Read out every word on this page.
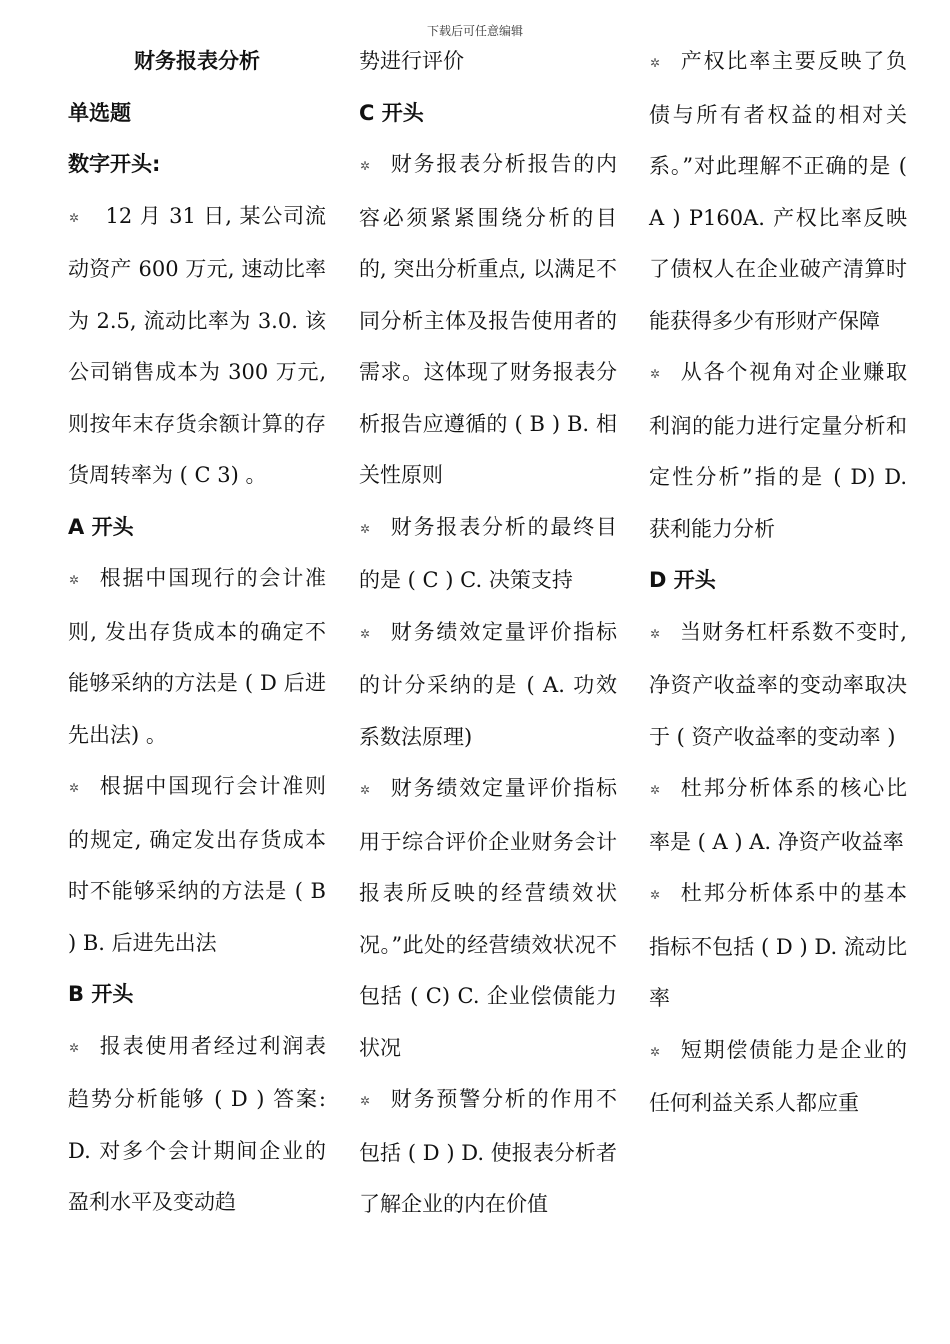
下载后可任意编辑

财务报表分析

单选题

数字开头:

✲ 12 月 31 日, 某公司流动资产 600 万元, 速动比率为 2.5, 流动比率为 3.0. 该公司销售成本为 300 万元, 则按年末存货余额计算的存货周转率为 ( C 3) 。

A 开头

✲ 根据中国现行的会计准则, 发出存货成本的确定不能够采纳的方法是 ( D 后进先出法) 。

✲ 根据中国现行会计准则的规定, 确定发出存货成本时不能够采纳的方法是 ( B ) B. 后进先出法

B 开头

✲ 报表使用者经过利润表趋势分析能够 ( D ) 答案: D. 对多个会计期间企业的盈利水平及变动趋

势进行评价

C 开头

✲ 财务报表分析报告的内容必须紧紧围绕分析的目的, 突出分析重点, 以满足不同分析主体及报告使用者的需求。这体现了财务报表分析报告应遵循的 ( B ) B. 相关性原则

✲ 财务报表分析的最终目的是 ( C ) C. 决策支持

✲ 财务绩效定量评价指标的计分采纳的是 ( A. 功效系数法原理)

✲ 财务绩效定量评价指标用于综合评价企业财务会计报表所反映的经营绩效状况。”此处的经营绩效状况不包括 ( C) C. 企业偿债能力状况

✲ 财务预警分析的作用不包括 ( D ) D. 使报表分析者了解企业的内在价值

✲ 产权比率主要反映了负债与所有者权益的相对关系。”对此理解不正确的是 ( A ) P160A. 产权比率反映了债权人在企业破产清算时能获得多少有形财产保障

✲ 从各个视角对企业赚取利润的能力进行定量分析和定性分析”指的是 ( D) D. 获利能力分析

D 开头

✲ 当财务杠杆系数不变时, 净资产收益率的变动率取决于 ( 资产收益率的变动率 )

✲ 杜邦分析体系的核心比率是 ( A ) A. 净资产收益率

✲ 杜邦分析体系中的基本指标不包括 ( D ) D. 流动比率

✲ 短期偿债能力是企业的任何利益关系人都应重
